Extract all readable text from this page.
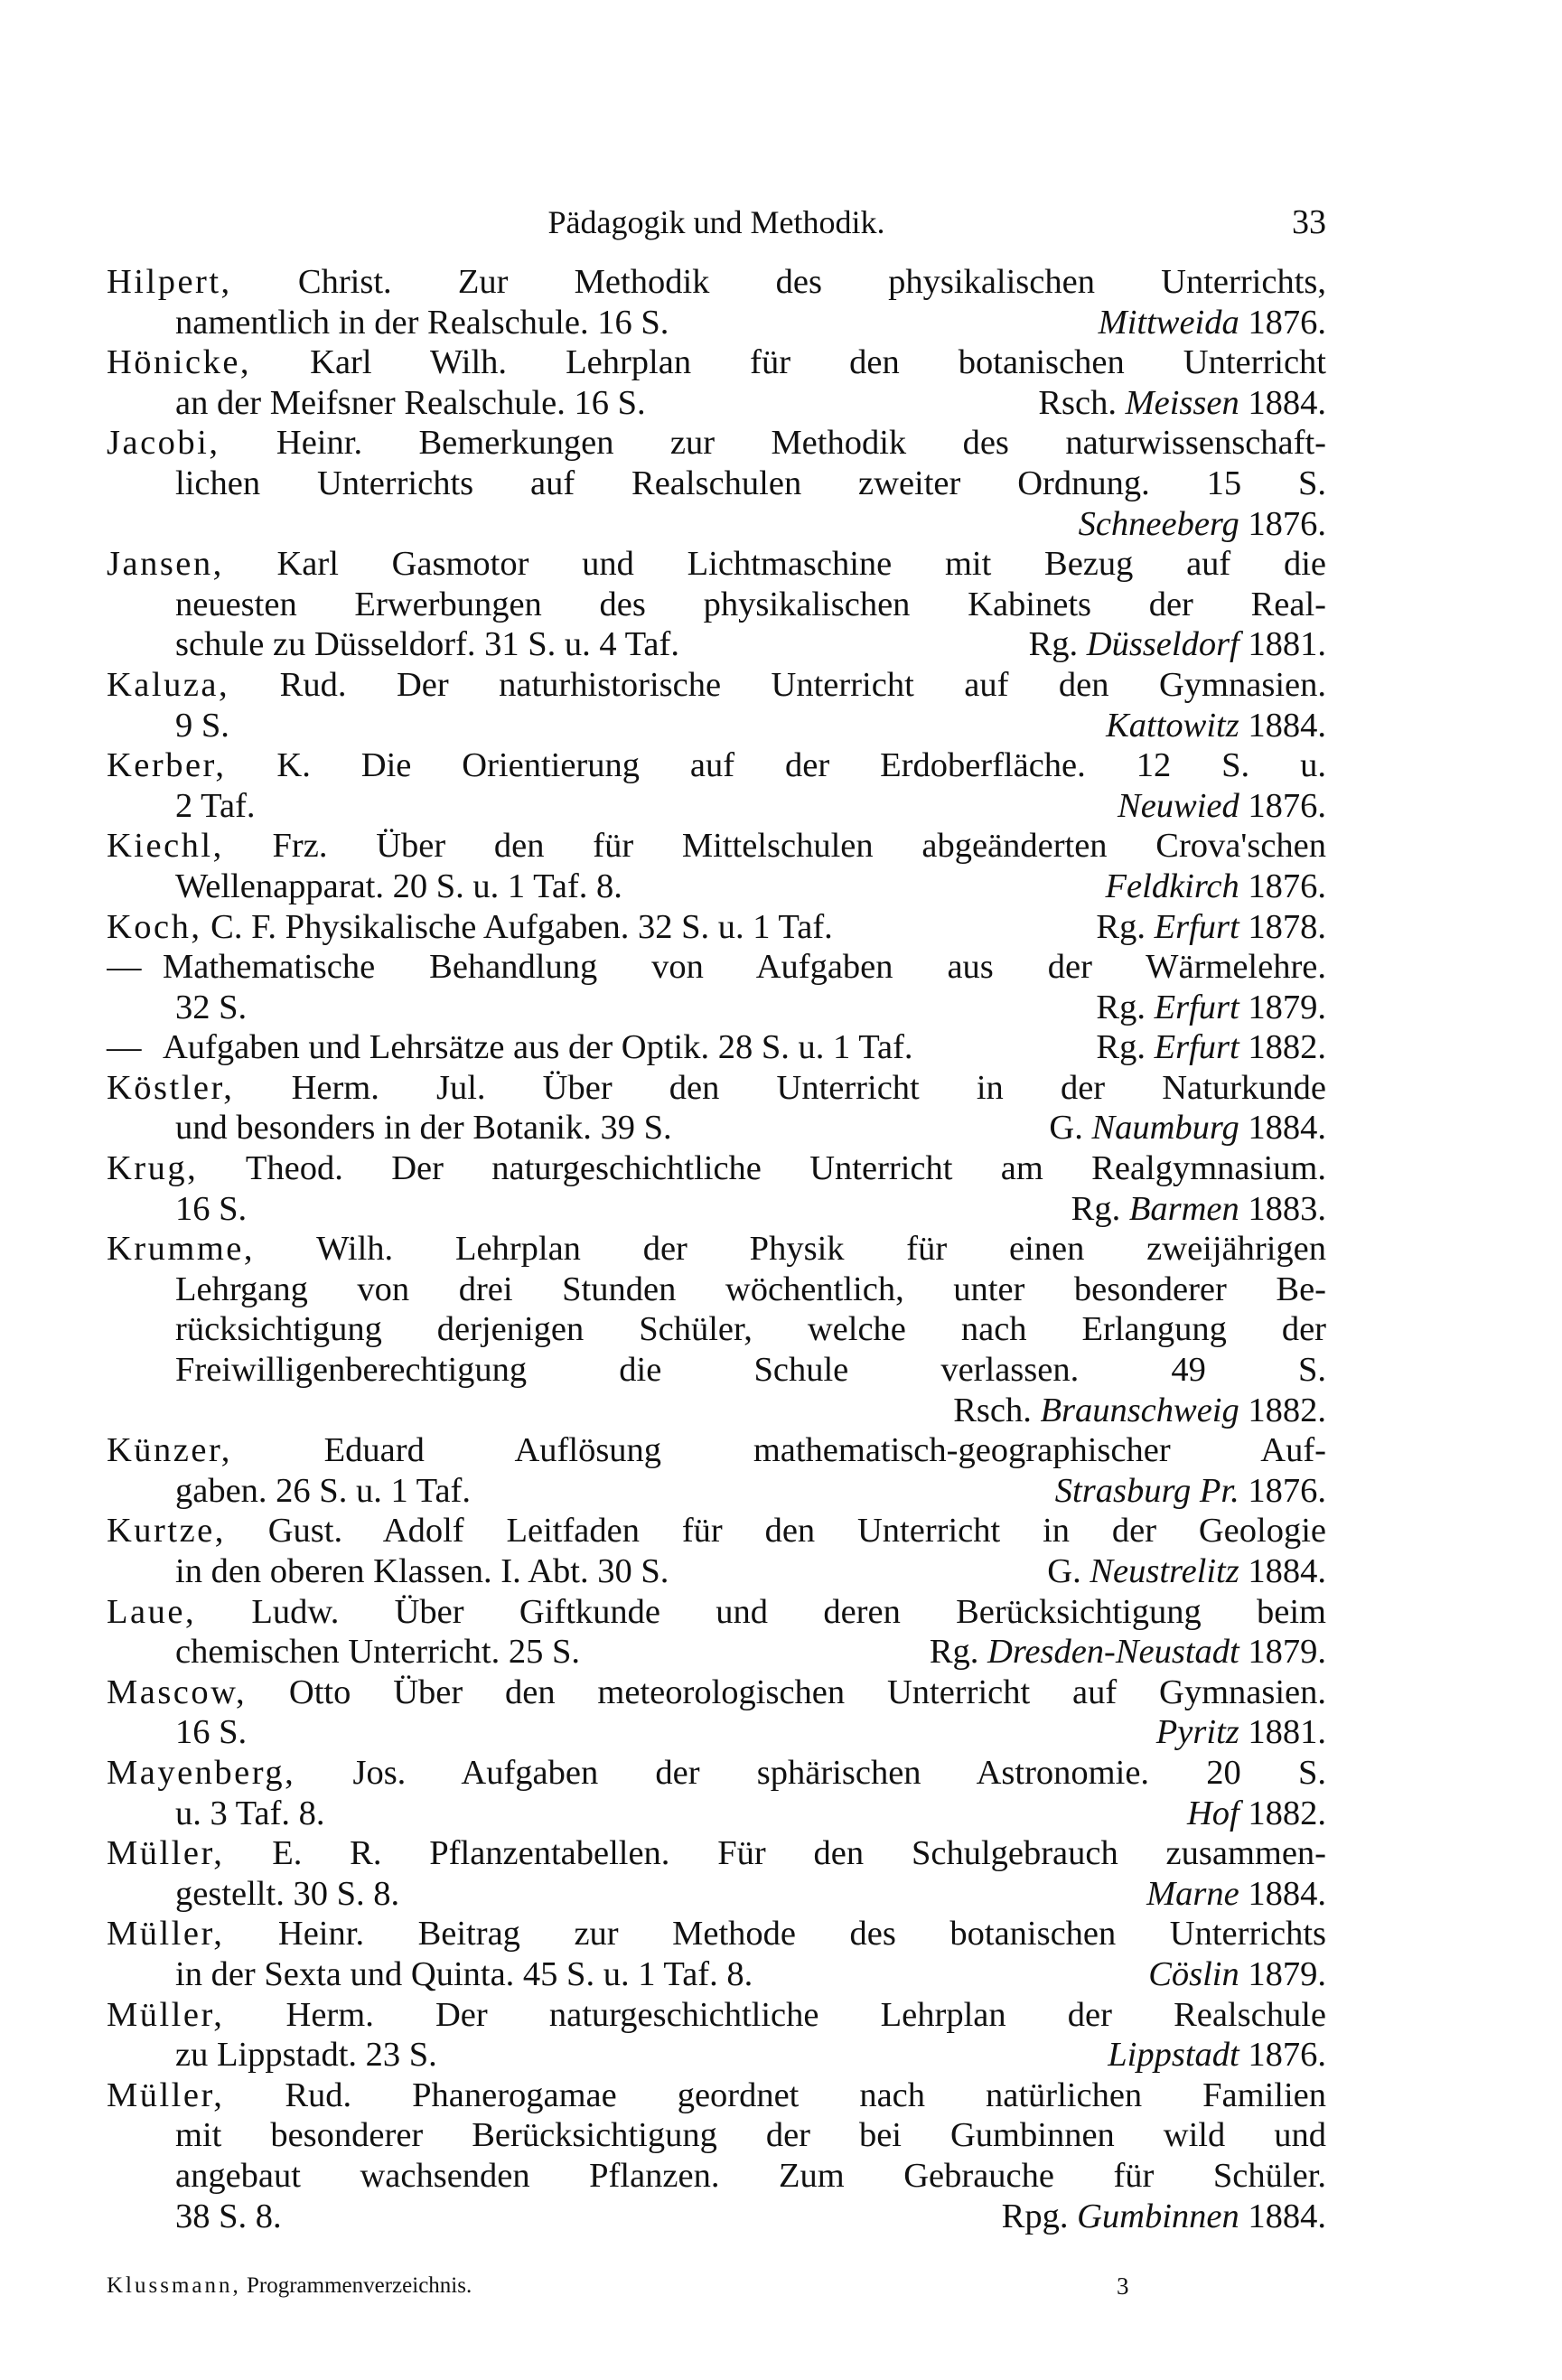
Pädagogik und Methodik.	33
Hilpert, Christ. Zur Methodik des physikalischen Unterrichts,
namentlich in der Realschule. 16 S.	Mittweida 1876.
Hönicke, Karl Wilh. Lehrplan für den botanischen Unterricht
an der Meifsner Realschule. 16 S.	Rsch. Meissen 1884.
Jacobi, Heinr. Bemerkungen zur Methodik des naturwissenschaft-
lichen Unterrichts auf Realschulen zweiter Ordnung. 15 S.
Schneeberg 1876.
Jansen, Karl Gasmotor und Lichtmaschine mit Bezug auf die
neuesten Erwerbungen des physikalischen Kabinets der Real-
schule zu Düsseldorf. 31 S. u. 4 Taf.	Rg. Düsseldorf 1881.
Kaluza, Rud. Der naturhistorische Unterricht auf den Gymnasien.
9 S.	Kattowitz 1884.
Kerber, K. Die Orientierung auf der Erdoberfläche. 12 S. u.
2 Taf.	Neuwied 1876.
Kiechl, Frz. Über den für Mittelschulen abgeänderten Crova'schen
Wellenapparat. 20 S. u. 1 Taf. 8.	Feldkirch 1876.
Koch, C. F. Physikalische Aufgaben. 32 S. u. 1 Taf.	Rg. Erfurt 1878.
— Mathematische Behandlung von Aufgaben aus der Wärmelehre.
32 S.	Rg. Erfurt 1879.
— Aufgaben und Lehrsätze aus der Optik. 28 S. u. 1 Taf.	Rg. Erfurt 1882.
Köstler, Herm. Jul. Über den Unterricht in der Naturkunde
und besonders in der Botanik. 39 S.	G. Naumburg 1884.
Krug, Theod. Der naturgeschichtliche Unterricht am Realgymnasium.
16 S.	Rg. Barmen 1883.
Krumme, Wilh. Lehrplan der Physik für einen zweijährigen
Lehrgang von drei Stunden wöchentlich, unter besonderer Be-
rücksichtigung derjenigen Schüler, welche nach Erlangung der
Freiwilligenberechtigung die Schule verlassen. 49 S.
Rsch. Braunschweig 1882.
Künzer, Eduard Auflösung mathematisch-geographischer Auf-
gaben. 26 S. u. 1 Taf.	Strasburg Pr. 1876.
Kurtze, Gust. Adolf Leitfaden für den Unterricht in der Geologie
in den oberen Klassen. I. Abt. 30 S.	G. Neustrelitz 1884.
Laue, Ludw. Über Giftkunde und deren Berücksichtigung beim
chemischen Unterricht. 25 S.	Rg. Dresden-Neustadt 1879.
Mascow, Otto Über den meteorologischen Unterricht auf Gymnasien.
16 S.	Pyritz 1881.
Mayenberg, Jos. Aufgaben der sphärischen Astronomie. 20 S.
u. 3 Taf. 8.	Hof 1882.
Müller, E. R. Pflanzentabellen. Für den Schulgebrauch zusammen-
gestellt. 30 S. 8.	Marne 1884.
Müller, Heinr. Beitrag zur Methode des botanischen Unterrichts
in der Sexta und Quinta. 45 S. u. 1 Taf. 8.	Cöslin 1879.
Müller, Herm. Der naturgeschichtliche Lehrplan der Realschule
zu Lippstadt. 23 S.	Lippstadt 1876.
Müller, Rud. Phanerogamae geordnet nach natürlichen Familien
mit besonderer Berücksichtigung der bei Gumbinnen wild und
angebaut wachsenden Pflanzen. Zum Gebrauche für Schüler.
38 S. 8.	Rpg. Gumbinnen 1884.
Klussmann, Programmenverzeichnis.	3
